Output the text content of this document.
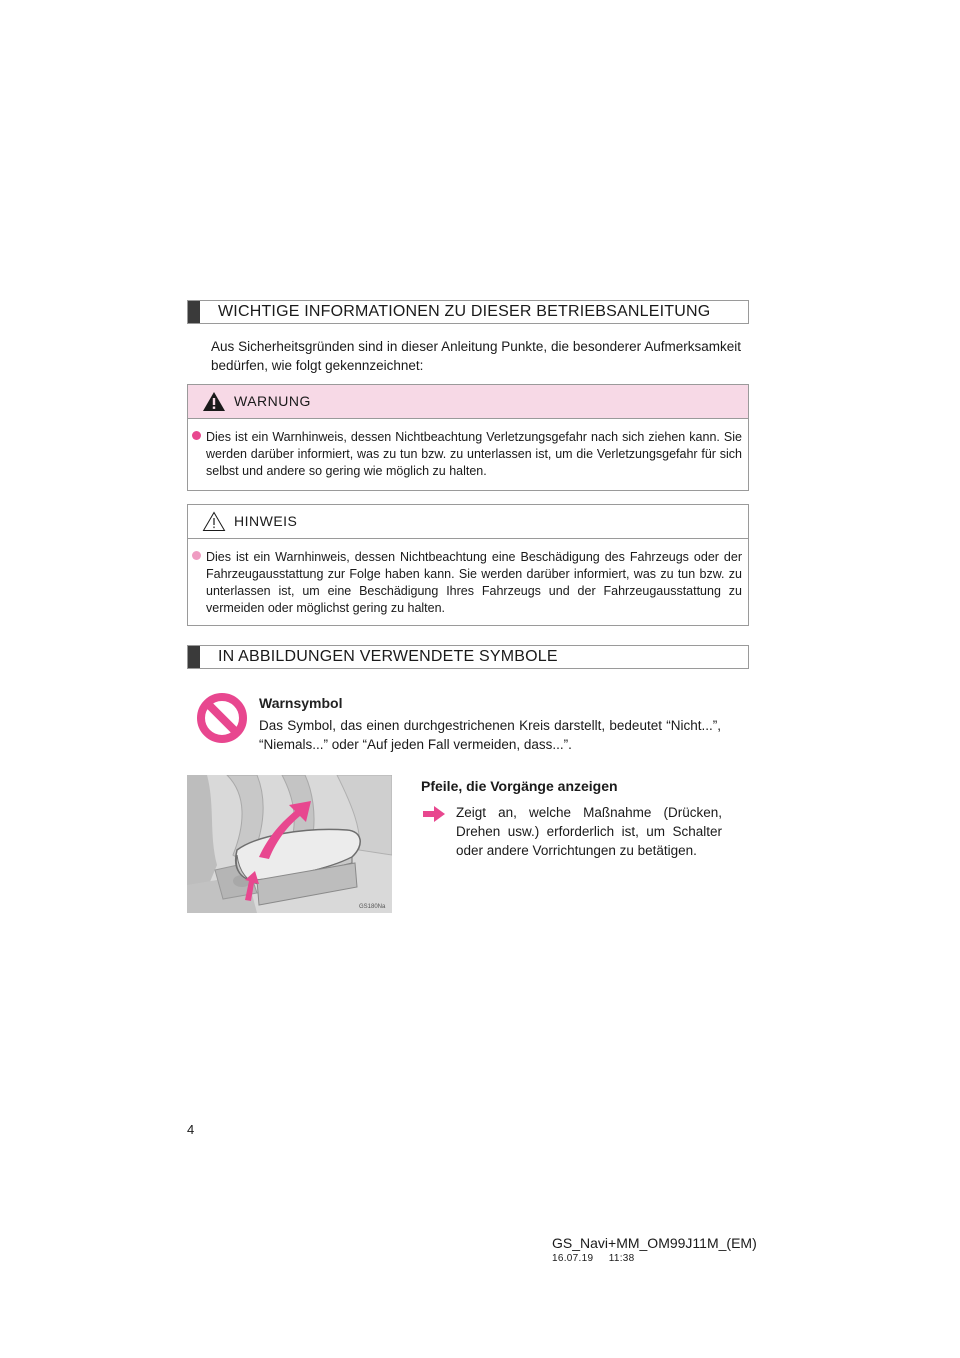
WICHTIGE INFORMATIONEN ZU DIESER BETRIEBSANLEITUNG
Aus Sicherheitsgründen sind in dieser Anleitung Punkte, die besonderer Aufmerksamkeit bedürfen, wie folgt gekennzeichnet:
WARNUNG
Dies ist ein Warnhinweis, dessen Nichtbeachtung Verletzungsgefahr nach sich ziehen kann. Sie werden darüber informiert, was zu tun bzw. zu unterlassen ist, um die Verletzungsgefahr für sich selbst und andere so gering wie möglich zu halten.
HINWEIS
Dies ist ein Warnhinweis, dessen Nichtbeachtung eine Beschädigung des Fahrzeugs oder der Fahrzeugausstattung zur Folge haben kann. Sie werden darüber informiert, was zu tun bzw. zu unterlassen ist, um eine Beschädigung Ihres Fahrzeugs und der Fahrzeugausstattung zu vermeiden oder möglichst gering zu halten.
IN ABBILDUNGEN VERWENDETE SYMBOLE
Warnsymbol
Das Symbol, das einen durchgestrichenen Kreis darstellt, bedeutet “Nicht...”, “Niemals...” oder “Auf jeden Fall vermeiden, dass...”.
GS180Na
Pfeile, die Vorgänge anzeigen
Zeigt an, welche Maßnahme (Drücken, Drehen usw.) erforderlich ist, um Schalter oder andere Vorrichtungen zu betätigen.
4
GS_Navi+MM_OM99J11M_(EM)
16.07.19     11:38
